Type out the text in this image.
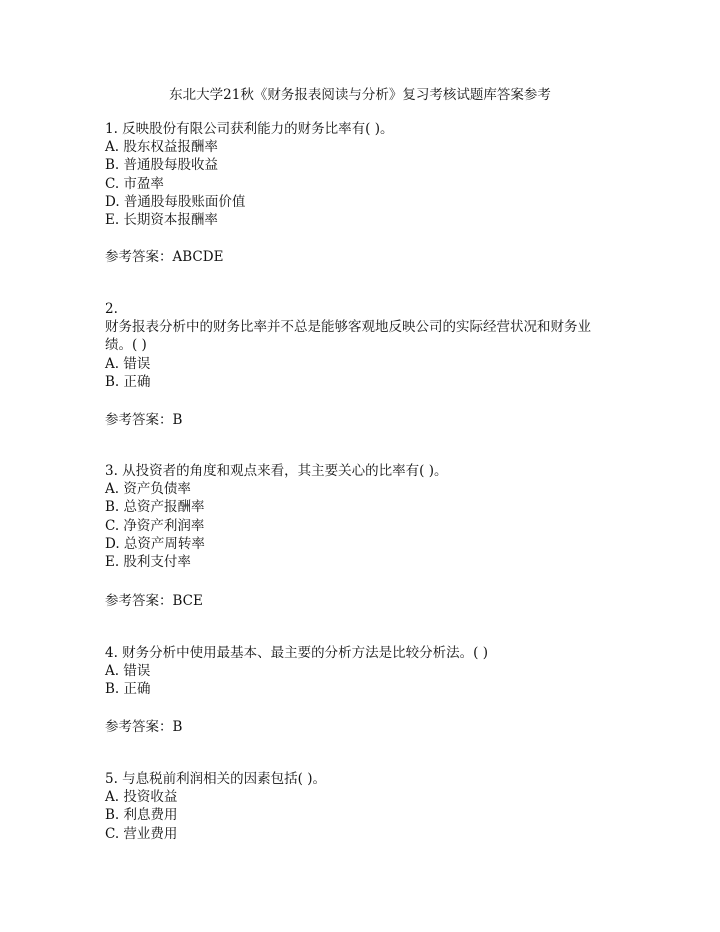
东北大学21秋《财务报表阅读与分析》复习考核试题库答案参考
1. 反映股份有限公司获利能力的财务比率有( )。
A. 股东权益报酬率
B. 普通股每股收益
C. 市盈率
D. 普通股每股账面价值
E. 长期资本报酬率
参考答案：ABCDE
2.
财务报表分析中的财务比率并不总是能够客观地反映公司的实际经营状况和财务业
绩。( )
A. 错误
B. 正确
参考答案：B
3. 从投资者的角度和观点来看，其主要关心的比率有( )。
A. 资产负债率
B. 总资产报酬率
C. 净资产利润率
D. 总资产周转率
E. 股利支付率
参考答案：BCE
4. 财务分析中使用最基本、最主要的分析方法是比较分析法。( )
A. 错误
B. 正确
参考答案：B
5. 与息税前利润相关的因素包括( )。
A. 投资收益
B. 利息费用
C. 营业费用
